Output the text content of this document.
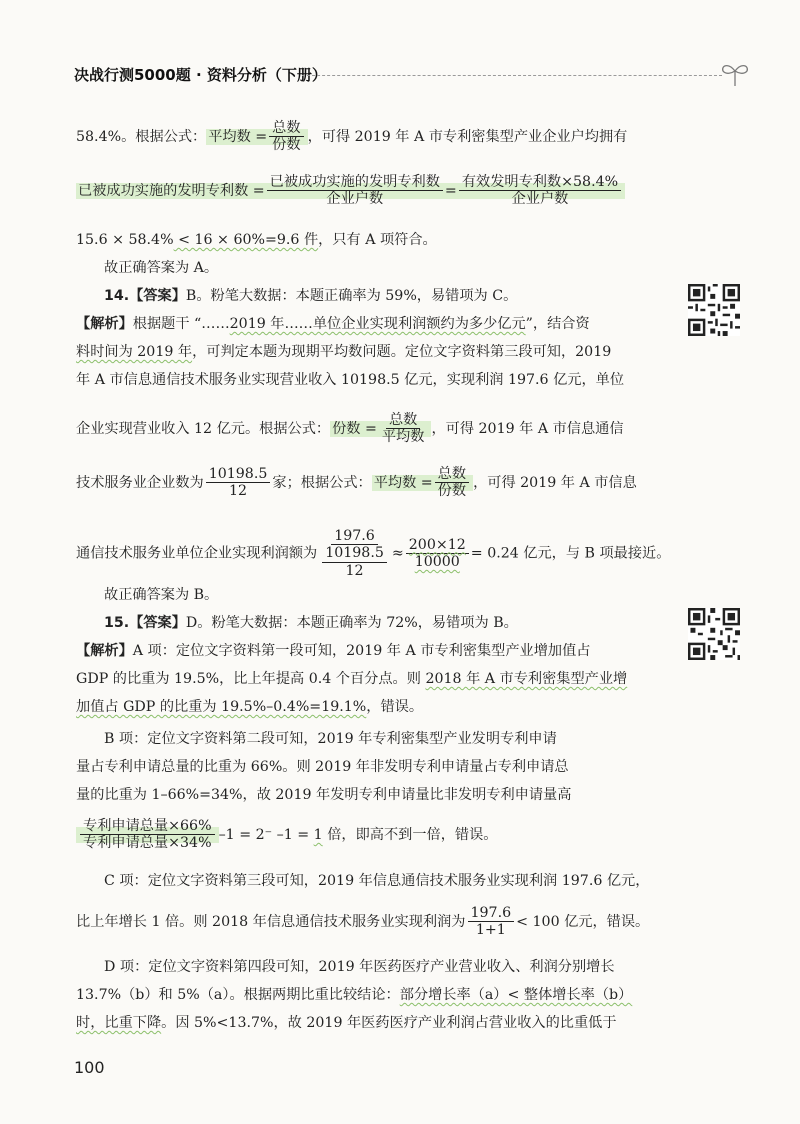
决战行测5000题 · 资料分析（下册）
58.4%。根据公式： 平均数 = $\frac{\text{总数}}{\text{份数}}$ ，可得 2019 年 A 市专利密集型产业企业户均拥有
已被成功实施的发明专利数 = $\frac{\text{已被成功实施的发明专利数}}{\text{企业户数}} = \frac{\text{有效发明专利数×58.4\%}}{\text{企业户数}}$
15.6 × 58.4% < 16 × 60%=9.6 件，只有 A 项符合。
故正确答案为 A。
14.【答案】B。粉笔大数据：本题正确率为 59%，易错项为 C。
【解析】根据题干 “……2019 年……单位企业实现利润额约为多少亿元”，结合资
料时间为 2019 年，可判定本题为现期平均数问题。定位文字资料第三段可知，2019
年 A 市信息通信技术服务业实现营业收入 10198.5 亿元，实现利润 197.6 亿元，单位
企业实现营业收入 12 亿元。根据公式： 份数 = $\frac{\text{总数}}{\text{平均数}}$ ，可得 2019 年 A 市信息通信
技术服务业企业数为 $\frac{10198.5}{12}$ 家；根据公式： 平均数 = $\frac{\text{总数}}{\text{份数}}$ ，可得 2019 年 A 市信息
通信技术服务业单位企业实现利润额为 $\frac{197.6}{\frac{10198.5}{12}} \approx \frac{200\times 12}{10000} = 0.24$ 亿元，与 B 项最接近。
故正确答案为 B。
15.【答案】D。粉笔大数据：本题正确率为 72%，易错项为 B。
【解析】A 项：定位文字资料第一段可知，2019 年 A 市专利密集型产业增加值占
GDP 的比重为 19.5%，比上年提高 0.4 个百分点。则 2018 年 A 市专利密集型产业增
加值占 GDP 的比重为 19.5%–0.4%=19.1%，错误。
B 项：定位文字资料第二段可知，2019 年专利密集型产业发明专利申请
量占专利申请总量的比重为 66%。则 2019 年非发明专利申请量占专利申请总
量的比重为 1–66%=34%，故 2019 年发明专利申请量比非发明专利申请量高
$\frac{\text{专利申请总量×66\%}}{\text{专利申请总量×34\%}} -1 = 2^-$ –1 = 1 倍，即高不到一倍，错误。
C 项：定位文字资料第三段可知，2019 年信息通信技术服务业实现利润 197.6 亿元，
比上年增长 1 倍。则 2018 年信息通信技术服务业实现利润为 $\frac{197.6}{1+1} < 100$ 亿元，错误。
D 项：定位文字资料第四段可知，2019 年医药医疗产业营业收入、利润分别增长
13.7%（b）和 5%（a）。根据两期比重比较结论：部分增长率（a）< 整体增长率（b）
时，比重下降。因 5%<13.7%，故 2019 年医药医疗产业利润占营业收入的比重低于
100
